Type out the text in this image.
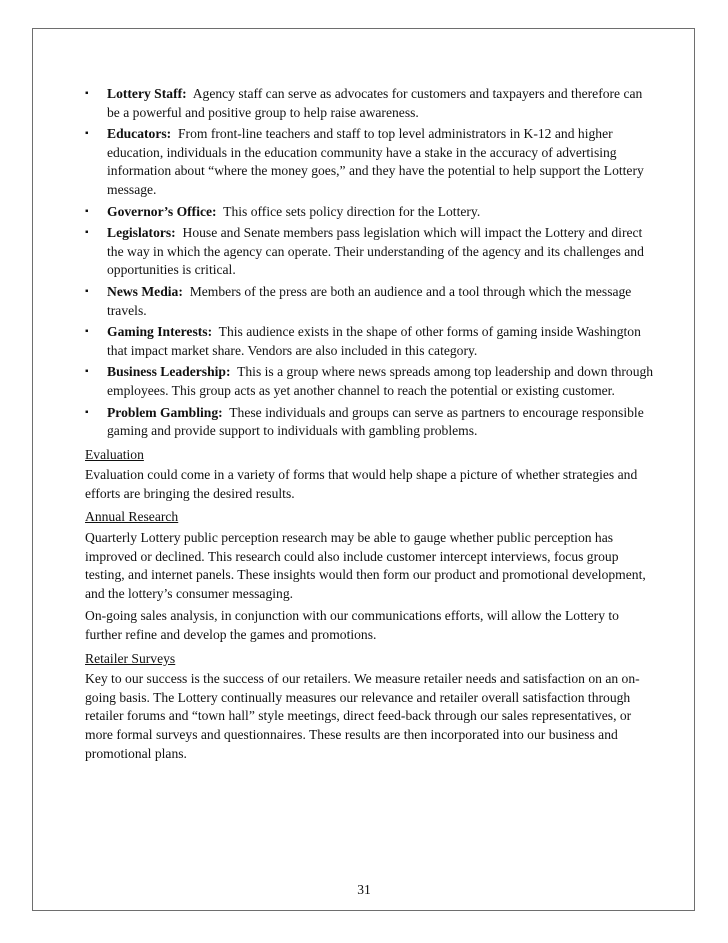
▪	Lottery Staff: Agency staff can serve as advocates for customers and taxpayers and therefore can be a powerful and positive group to help raise awareness.
▪	Educators: From front-line teachers and staff to top level administrators in K-12 and higher education, individuals in the education community have a stake in the accuracy of advertising information about “where the money goes,” and they have the potential to help support the Lottery message.
▪	Governor’s Office: This office sets policy direction for the Lottery.
▪	Legislators: House and Senate members pass legislation which will impact the Lottery and direct the way in which the agency can operate. Their understanding of the agency and its challenges and opportunities is critical.
▪	News Media: Members of the press are both an audience and a tool through which the message travels.
▪	Gaming Interests: This audience exists in the shape of other forms of gaming inside Washington that impact market share. Vendors are also included in this category.
▪	Business Leadership: This is a group where news spreads among top leadership and down through employees. This group acts as yet another channel to reach the potential or existing customer.
▪	Problem Gambling: These individuals and groups can serve as partners to encourage responsible gaming and provide support to individuals with gambling problems.
Evaluation

Evaluation could come in a variety of forms that would help shape a picture of whether strategies and efforts are bringing the desired results.

Annual Research

Quarterly Lottery public perception research may be able to gauge whether public perception has improved or declined. This research could also include customer intercept interviews, focus group testing, and internet panels. These insights would then form our product and promotional development, and the lottery’s consumer messaging.

On-going sales analysis, in conjunction with our communications efforts, will allow the Lottery to further refine and develop the games and promotions.

Retailer Surveys

Key to our success is the success of our retailers. We measure retailer needs and satisfaction on an on-going basis. The Lottery continually measures our relevance and retailer overall satisfaction through retailer forums and “town hall” style meetings, direct feed-back through our sales representatives, or more formal surveys and questionnaires. These results are then incorporated into our business and promotional plans.

31
